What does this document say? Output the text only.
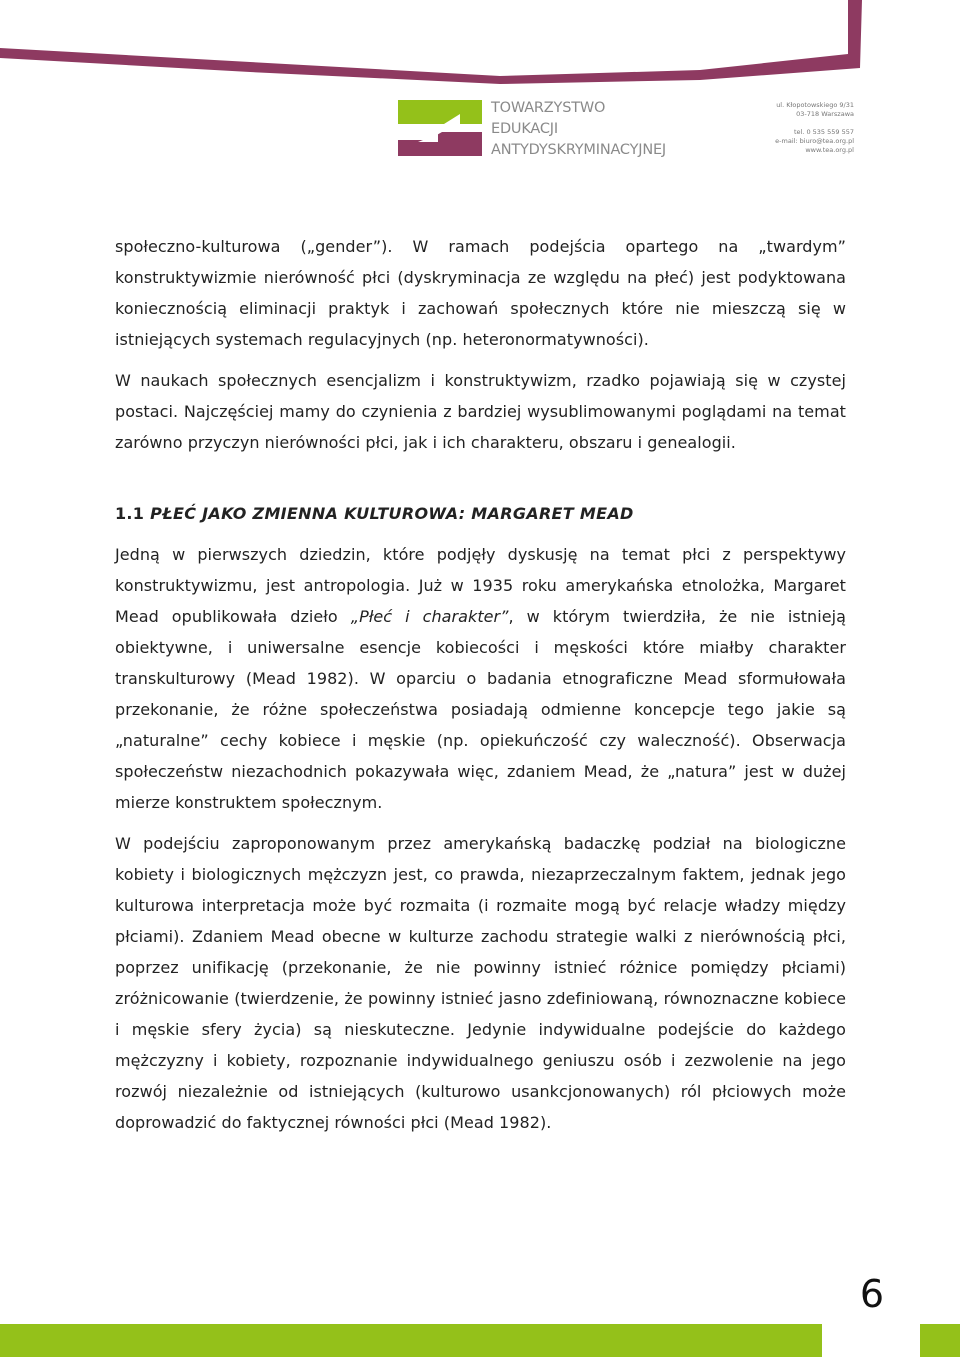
TOWARZYSTWO
EDUKACJI
ANTYDYSKRYMINACYJNEJ
ul. Kłopotowskiego 9/31
03-718 Warszawa
tel. 0 535 559 557
e-mail: biuro@tea.org.pl
www.tea.org.pl

społeczno-kulturowa („gender”). W ramach podejścia opartego na „twardym” konstruktywizmie nierówność płci (dyskryminacja ze względu na płeć) jest podyktowana koniecznością eliminacji praktyk i zachowań społecznych które nie mieszczą się w istniejących systemach regulacyjnych (np. heteronormatywności).

W naukach społecznych esencjalizm i konstruktywizm, rzadko pojawiają się w czystej postaci. Najczęściej mamy do czynienia z bardziej wysublimowanymi poglądami na temat zarówno przyczyn nierówności płci, jak i ich charakteru, obszaru i genealogii.

1.1 PŁEĆ JAKO ZMIENNA KULTUROWA: MARGARET MEAD

Jedną w pierwszych dziedzin, które podjęły dyskusję na temat płci z perspektywy konstruktywizmu, jest antropologia. Już w 1935 roku amerykańska etnolożka, Margaret Mead opublikowała dzieło „Płeć i charakter”, w którym twierdziła, że nie istnieją obiektywne, i uniwersalne esencje kobiecości i męskości które miałby charakter transkulturowy (Mead 1982). W oparciu o badania etnograficzne Mead sformułowała przekonanie, że różne społeczeństwa posiadają odmienne koncepcje tego jakie są „naturalne” cechy kobiece i męskie (np. opiekuńczość czy waleczność). Obserwacja społeczeństw niezachodnich pokazywała więc, zdaniem Mead, że „natura” jest w dużej mierze konstruktem społecznym.

W podejściu zaproponowanym przez amerykańską badaczkę podział na biologiczne kobiety i biologicznych mężczyzn jest, co prawda, niezaprzeczalnym faktem, jednak jego kulturowa interpretacja może być rozmaita (i rozmaite mogą być relacje władzy między płciami). Zdaniem Mead obecne w kulturze zachodu strategie walki z nierównością płci, poprzez unifikację (przekonanie, że nie powinny istnieć różnice pomiędzy płciami) zróżnicowanie (twierdzenie, że powinny istnieć jasno zdefiniowaną, równoznaczne kobiece i męskie sfery życia) są nieskuteczne. Jedynie indywidualne podejście do każdego mężczyzny i kobiety, rozpoznanie indywidualnego geniuszu osób i zezwolenie na jego rozwój niezależnie od istniejących (kulturowo usankcjonowanych) ról płciowych może doprowadzić do faktycznej równości płci (Mead 1982).

6
